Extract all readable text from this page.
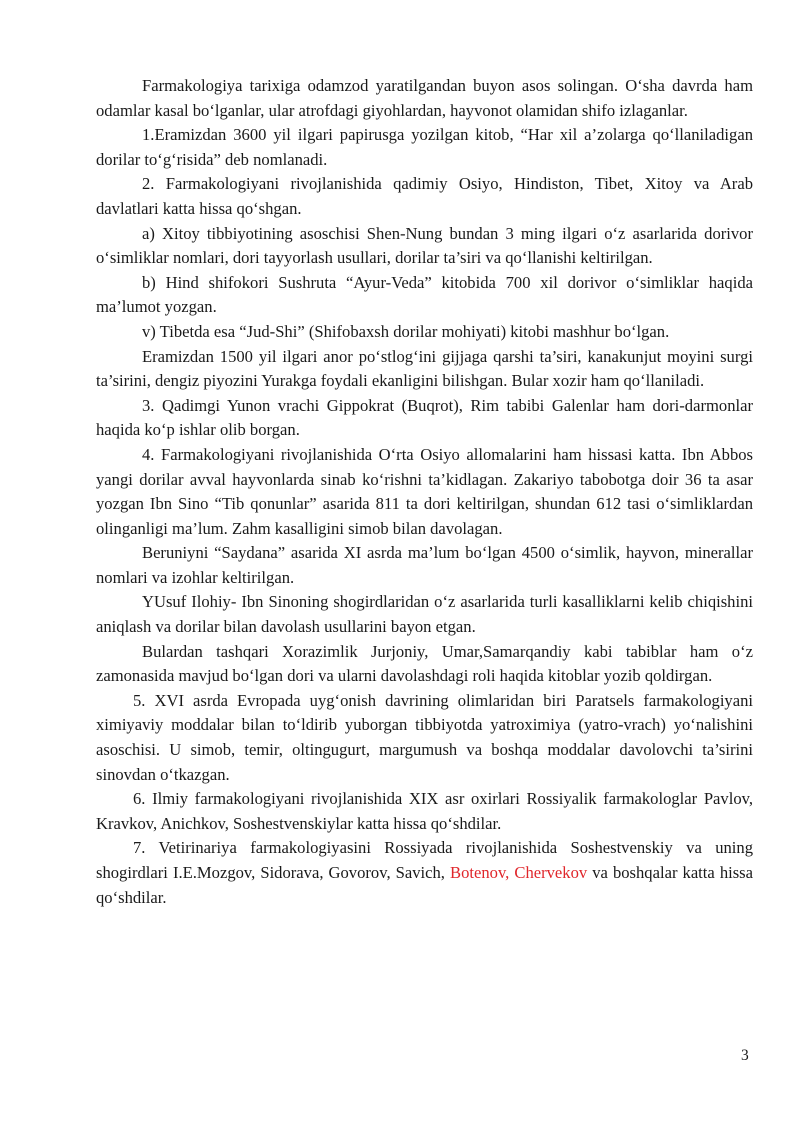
Farmakologiya tarixiga odamzod yaratilgandan buyon asos solingan. O‘sha davrda ham odamlar kasal bo‘lganlar, ular atrofdagi giyohlardan, hayvonot olamidan shifo izlaganlar.

1.Eramizdan 3600 yil ilgari papirusga yozilgan kitob, “Har xil a’zolarga qo‘llaniladigan dorilar to‘g‘risida” deb nomlanadi.

2. Farmakologiyani rivojlanishida qadimiy Osiyo, Hindiston, Tibet, Xitoy va Arab davlatlari katta hissa qo‘shgan.

a) Xitoy tibbiyotining asoschisi Shen-Nung bundan 3 ming ilgari o‘z asarlarida dorivor o‘simliklar nomlari, dori tayyorlash usullari, dorilar ta’siri va qo‘llanishi keltirilgan.

b) Hind shifokori Sushruta “Ayur-Veda” kitobida 700 xil dorivor o‘simliklar haqida ma’lumot yozgan.

v) Tibetda esa “Jud-Shi” (Shifobaxsh dorilar mohiyati) kitobi mashhur bo‘lgan.

Eramizdan 1500 yil ilgari anor po‘stlog‘ini gijjaga qarshi ta’siri, kanakunjut moyini surgi ta’sirini, dengiz piyozini Yurakga foydali ekanligini bilishgan. Bular xozir ham qo‘llaniladi.

3. Qadimgi Yunon vrachi Gippokrat (Buqrot), Rim tabibi Galenlar ham dori-darmonlar haqida ko‘p ishlar olib borgan.

4. Farmakologiyani rivojlanishida O‘rta Osiyo allomalarini ham hissasi katta. Ibn Abbos yangi dorilar avval hayvonlarda sinab ko‘rishni ta’kidlagan. Zakariyo tabobotga doir 36 ta asar yozgan Ibn Sino “Tib qonunlar” asarida 811 ta dori keltirilgan, shundan 612 tasi o‘simliklardan olinganligi ma’lum. Zahm kasalligini simob bilan davolagan.

Beruniyni “Saydana” asarida XI asrda ma’lum bo‘lgan 4500 o‘simlik, hayvon, minerallar nomlari va izohlar keltirilgan.

YUsuf Ilohiy- Ibn Sinoning shogirdlaridan o‘z asarlarida turli kasalliklarni kelib chiqishini aniqlash va dorilar bilan davolash usullarini bayon etgan.

Bulardan tashqari Xorazimlik Jurjoniy, Umar,Samarqandiy kabi tabiblar ham o‘z zamonasida mavjud bo‘lgan dori va ularni davolashdagi roli haqida kitoblar yozib qoldirgan.

5. XVI asrda Evropada uyg‘onish davrining olimlaridan biri Paratsels farmakologiyani ximiyaviy moddalar bilan to‘ldirib yuborgan tibbiyotda yatroximiya (yatro-vrach) yo‘nalishini asoschisi. U simob, temir, oltingugurt, margumush va boshqa moddalar davolovchi ta’sirini sinovdan o‘tkazgan.

6. Ilmiy farmakologiyani rivojlanishida XIX asr oxirlari Rossiyalik farmakologlar Pavlov, Kravkov, Anichkov, Soshestvenskiylar katta hissa qo‘shdilar.

7. Vetirinariya farmakologiyasini Rossiyada rivojlanishida Soshestvenskiy va uning shogirdlari I.E.Mozgov, Sidorava, Govorov, Savich, Botenov, Chervekov va boshqalar katta hissa qo‘shdilar.

3
